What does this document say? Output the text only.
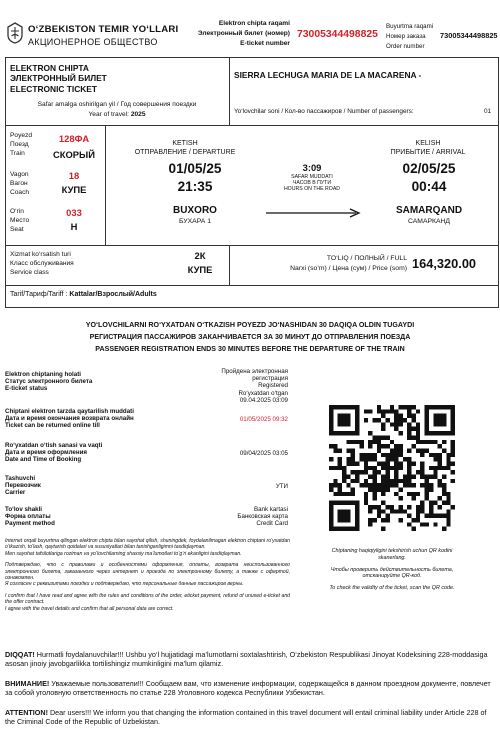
O‘ZBEKISTON TEMIR YO‘LLARI
АКЦИОНЕРНОЕ ОБЩЕСТВО
Elektron chipta raqami
Электронный билет (номер)
E-ticket number
73005344498825
Buyurtma raqami
Номер заказа
Order number
73005344498825
ELEKTRON CHIPTA
ЭЛЕКТРОННЫЙ БИЛЕТ
ELECTRONIC TICKET
Safar amalga oshirilgan yil / Год совершения поездки
Year of travel: 2025
SIERRA LECHUGA MARIA DE LA MACARENA -
Yo‘lovchilar soni / Кол-во пассажиров / Number of passengers:	01
Poyezd
Поезд
Train
128ФА
СКОРЫЙ
Vagon
Вагон
Coach
18
КУПЕ
O‘rin
Место
Seat
033
Н
KETISH
ОТПРАВЛЕНИЕ / DEPARTURE
01/05/25
21:35
BUXORO
БУХАРА 1
3:09
SAFAR MUDDATI
ЧАСОВ В ПУТИ
HOURS ON THE ROAD
KELISH
ПРИБЫТИЕ / ARRIVAL
02/05/25
00:44
SAMARQAND
САМАРКАНД
Xizmat ko‘rsatish turi
Класс обслуживания
Service class
2К
КУПЕ
TO‘LIQ / ПОЛНЫЙ / FULL
Narxi (so‘m) / Цена (сум) / Price (som) 164,320.00
Tarif/Тариф/Tariff : Kattalar/Взрослый/Adults
YO‘LOVCHILARNI RO‘YXATDAN O‘TKAZISH POYEZD JO‘NASHIDAN 30 DAQIQA OLDIN TUGAYDI
РЕГИСТРАЦИЯ ПАССАЖИРОВ ЗАКАНЧИВАЕТСЯ ЗА 30 МИНУТ ДО ОТПРАВЛЕНИЯ ПОЕЗДА
PASSENGER REGISTRATION ENDS 30 MINUTES BEFORE THE DEPARTURE OF THE TRAIN
Elektron chiptaning holati
Статус электронного билета
E-ticket status
Пройдена электронная регистрация
Registered
Ro‘yxatdan o‘tgan
09.04.2025 03:09
Chiptani elektron tarzda qaytarilish muddati
Дата и время окончания возврата онлайн
Ticket can be returned online till
01/05/2025 09:32
Ro‘yxatdan o‘tish sanasi va vaqti
Дата и время оформления
Date and Time of Booking
09/04/2025 03:05
Tashuvchi
Перевозчик
Carrier
УТИ
To‘lov shakli
Форма оплаты
Payment method
Bank kartasi
Банковская карта
Credit Card
Internet orqali buyurtma qilingan elektron chipta bilan sayohat qilish, shuningdek, foydalanilmagan elektron chiptani ro‘yxatdan o‘tkazish, to‘lash, qaytarish qoidalari va xususiyatlari bilan tanishganligimni tasdiqlayman.
Men sayohat tafsilotlariga roziman va yo‘lovchilarning shaxsiy ma’lumotlari to‘g‘ri ekanligini tasdiqlayman.
Подтверждаю, что с правилами и особенностями оформления, оплаты, возврата неиспользованного электронного билета, заказанного через интернет и проезда по электронному билету, а также с офертой, ознакомлен.
Я согласен с реквизитами поездки и подтверждаю, что персональные данные пассажиров верны.
I confirm that I have read and agree with the rules and conditions of the order, eticket payment, refund of unused e-ticket and the offer contract.
I agree with the travel details and confirm that all personal data are correct.
Chiptaning haqiqiyligini tekshirish uchun QR kodini skanerlang.
Чтобы проверить действительность билета, отсканируйте QR-код.
To check the validity of the ticket, scan the QR code.
DIQQAT! Hurmatli foydalanuvchilar!!! Ushbu yo‘l hujjatidagi ma’lumotlarni soxtalashtirish, O‘zbekiston Respublikasi Jinoyat Kodeksining 228-moddasiga asosan jinoiy javobgarlikka tortilishingiz mumkinligini ma’lum qilamiz.
ВНИМАНИЕ! Уважаемые пользователи!!! Сообщаем вам, что изменение информации, содержащейся в данном проездном документе, повлечет за собой уголовную ответственность по статье 228 Уголовного кодекса Республики Узбекистан.
ATTENTION! Dear users!!! We inform you that changing the information contained in this travel document will entail criminal liability under Article 228 of the Criminal Code of the Republic of Uzbekistan.
